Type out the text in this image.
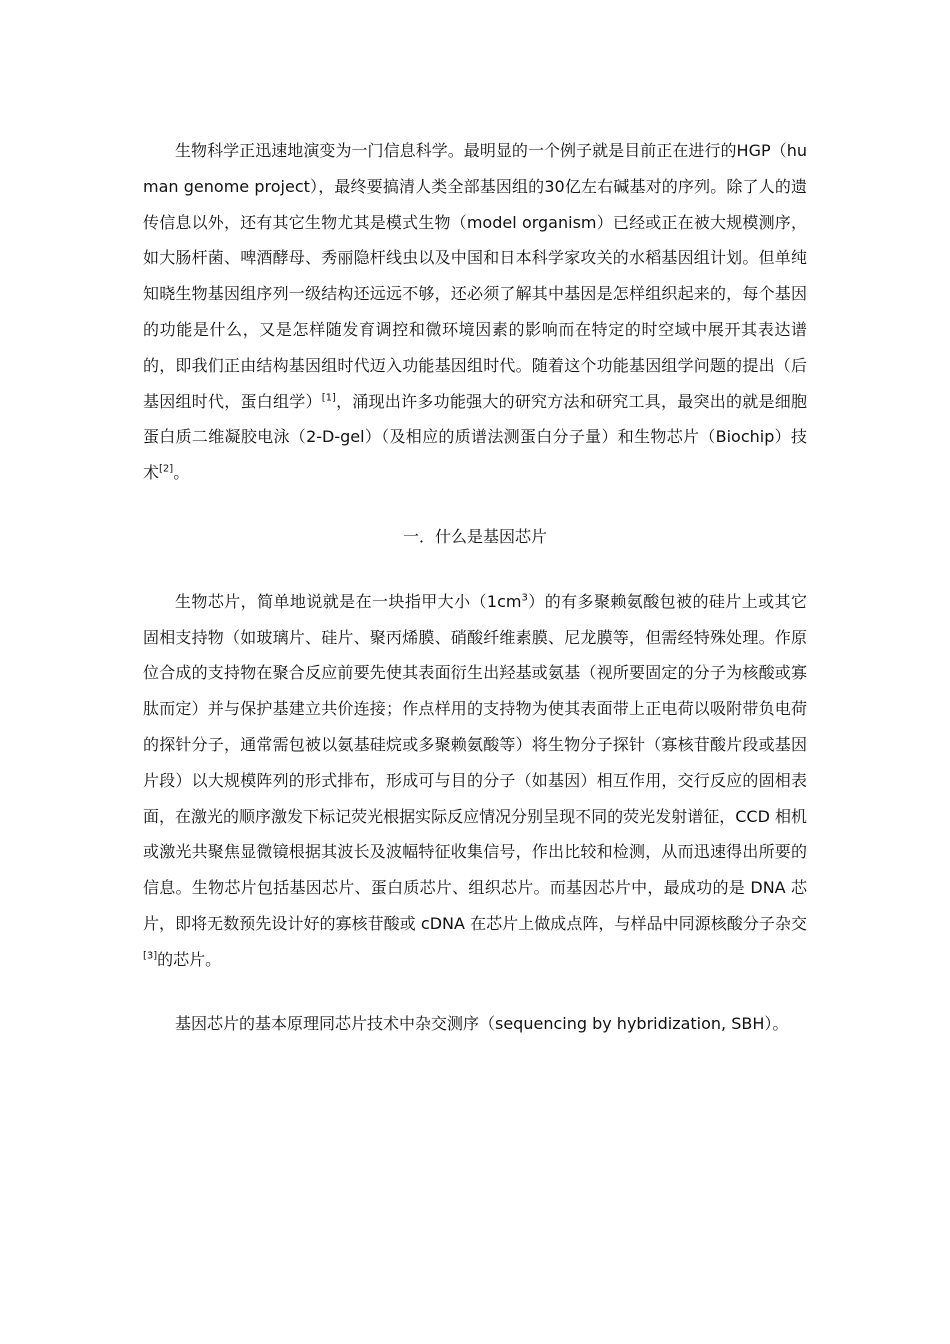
生物科学正迅速地演变为一门信息科学。最明显的一个例子就是目前正在进行的HGP（human genome project），最终要搞清人类全部基因组的30亿左右碱基对的序列。除了人的遗传信息以外，还有其它生物尤其是模式生物（model organism）已经或正在被大规模测序，如大肠杆菌、啤酒酵母、秀丽隐杆线虫以及中国和日本科学家攻关的水稻基因组计划。但单纯知晓生物基因组序列一级结构还远远不够，还必须了解其中基因是怎样组织起来的，每个基因的功能是什么，又是怎样随发育调控和微环境因素的影响而在特定的时空域中展开其表达谱的，即我们正由结构基因组时代迈入功能基因组时代。随着这个功能基因组学问题的提出（后基因组时代，蛋白组学）[1]，涌现出许多功能强大的研究方法和研究工具，最突出的就是细胞蛋白质二维凝胶电泳（2-D-gel）（及相应的质谱法测蛋白分子量）和生物芯片（Biochip）技术[2]。

一．什么是基因芯片

生物芯片，简单地说就是在一块指甲大小$(1cm^3)$的有多聚赖氨酸包被的硅片上或其它固相支持物（如玻璃片、硅片、聚丙烯膜、硝酸纤维素膜、尼龙膜等，但需经特殊处理。作原位合成的支持物在聚合反应前要先使其表面衍生出羟基或氨基（视所要固定的分子为核酸或寡肽而定）并与保护基建立共价连接；作点样用的支持物为使其表面带上正电荷以吸附带负电荷的探针分子，通常需包被以氨基硅烷或多聚赖氨酸等）将生物分子探针（寡核苷酸片段或基因片段）以大规模阵列的形式排布，形成可与目的分子（如基因）相互作用，交行反应的固相表面，在激光的顺序激发下标记荧光根据实际反应情况分别呈现不同的荧光发射谱征，CCD 相机或激光共聚焦显微镜根据其波长及波幅特征收集信号，作出比较和检测，从而迅速得出所要的信息。生物芯片包括基因芯片、蛋白质芯片、组织芯片。而基因芯片中，最成功的是 DNA 芯片，即将无数预先设计好的寡核苷酸或 cDNA 在芯片上做成点阵，与样品中同源核酸分子杂交[3]的芯片。

基因芯片的基本原理同芯片技术中杂交测序（sequencing by hybridization, SBH）。
